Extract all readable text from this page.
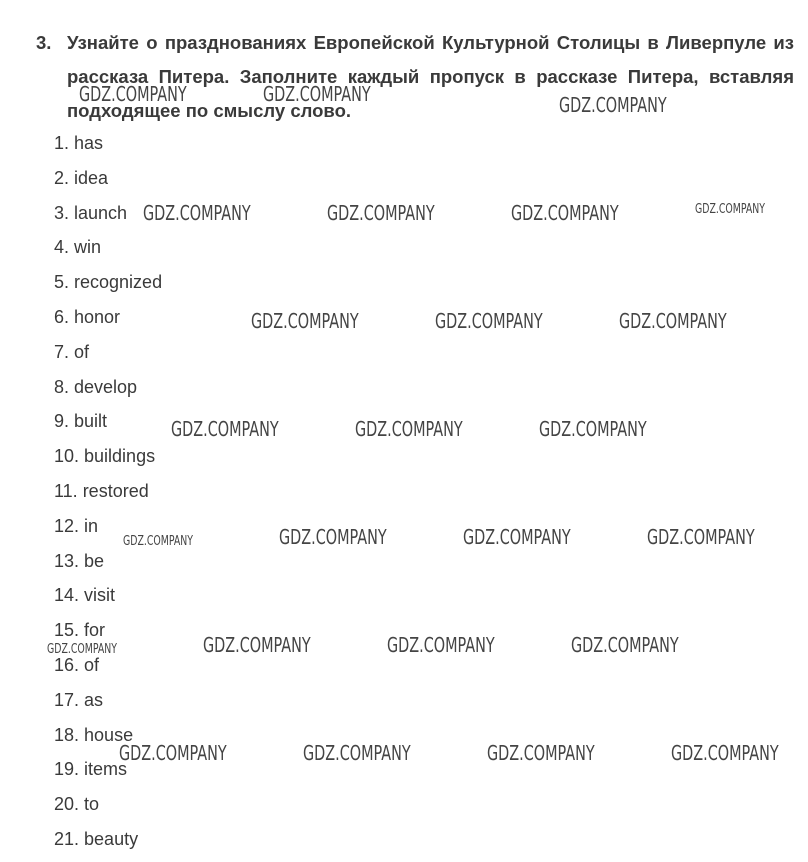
3. Узнайте о празднованиях Европейской Культурной Столицы в Ливерпуле из рассказа Питера. Заполните каждый пропуск в рассказе Питера, вставляя подходящее по смыслу слово.
1. has
2. idea
3. launch
4. win
5. recognized
6. honor
7. of
8. develop
9. built
10. buildings
11. restored
12. in
13. be
14. visit
15. for
16. of
17. as
18. house
19. items
20. to
21. beauty
GDZ.COMPANY	GDZ.COMPANY	GDZ.COMPANY
GDZ.COMPANY	GDZ.COMPANY	GDZ.COMPANY	GDZ.COMPANY
GDZ.COMPANY	GDZ.COMPANY	GDZ.COMPANY
GDZ.COMPANY	GDZ.COMPANY	GDZ.COMPANY
GDZ.COMPANY	GDZ.COMPANY	GDZ.COMPANY	GDZ.COMPANY
GDZ.COMPANY	GDZ.COMPANY	GDZ.COMPANY	GDZ.COMPANY
GDZ.COMPANY	GDZ.COMPANY	GDZ.COMPANY	GDZ.COMPANY
